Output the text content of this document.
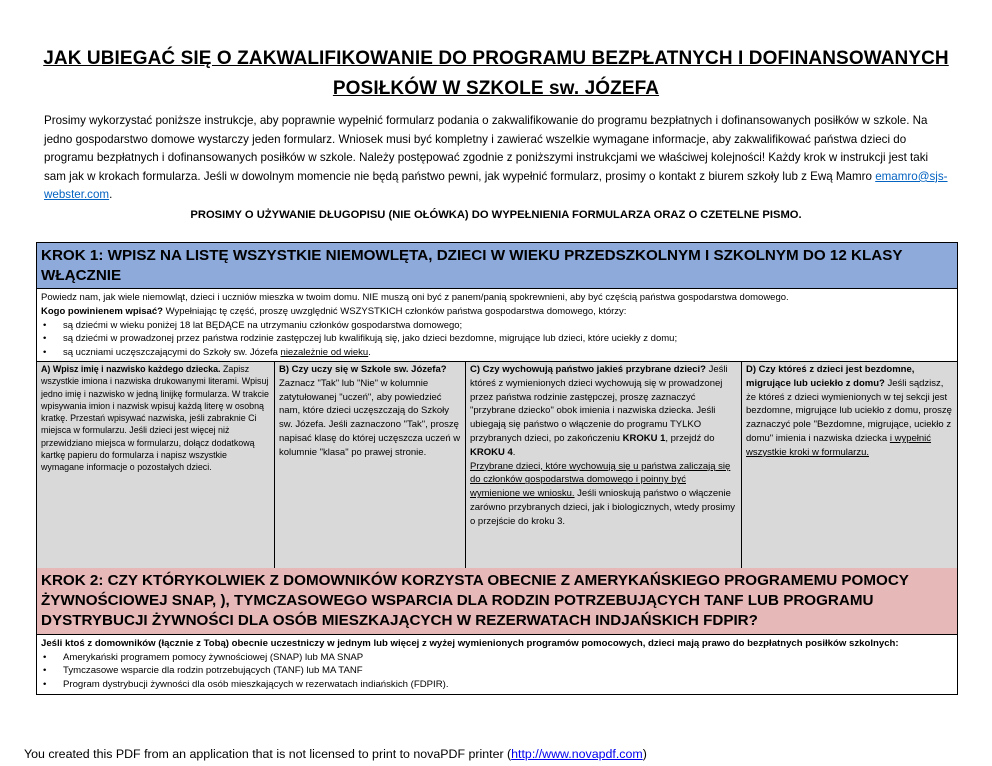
JAK UBIEGAĆ SIĘ O ZAKWALIFIKOWANIE DO PROGRAMU BEZPŁATNYCH I DOFINANSOWANYCH POSIŁKÓW W SZKOLE sw. JÓZEFA
Prosimy wykorzystać poniższe instrukcje, aby poprawnie wypełnić formularz podania o zakwalifikowanie do programu bezpłatnych i dofinansowanych posiłków w szkole. Na jedno gospodarstwo domowe wystarczy jeden formularz. Wniosek musi być kompletny i zawierać wszelkie wymagane informacje, aby zakwalifikować państwa dzieci do programu bezpłatnych i dofinansowanych posiłków w szkole. Należy postępować zgodnie z poniższymi instrukcjami we właściwej kolejności! Każdy krok w instrukcji jest taki sam jak w krokach formularza. Jeśli w dowolnym momencie nie będą państwo pewni, jak wypełnić formularz, prosimy o kontakt z biurem szkoły lub z Ewą Mamro emamro@sjs-webster.com.
PROSIMY O UŻYWANIE DŁUGOPISU (NIE OŁÓWKA) DO WYPEŁNIENIA FORMULARZA ORAZ O CZETELNE PISMO.
KROK 1: WPISZ NA LISTĘ WSZYSTKIE NIEMOWLĘTA, DZIECI W WIEKU PRZEDSZKOLNYM I SZKOLNYM DO 12 KLASY WŁĄCZNIE
Powiedz nam, jak wiele niemowląt, dzieci i uczniów mieszka w twoim domu. NIE muszą oni być z panem/panią spokrewnieni, aby być częścią państwa gospodarstwa domowego.
Kogo powinienem wpisać? Wypełniając tę część, proszę uwzględnić WSZYSTKICH członków państwa gospodarstwa domowego, którzy:
• są dziećmi w wieku poniżej 18 lat BĘDĄCE na utrzymaniu członków gospodarstwa domowego;
• są dziećmi w prowadzonej przez państwa rodzinie zastępczej lub kwalifikują się, jako dzieci bezdomne, migrujące lub dzieci, które uciekły z domu;
• są uczniami uczęszczającymi do Szkoły sw. Józefa niezależnie od wieku.
A) Wpisz imię i nazwisko każdego dziecka. Zapisz wszystkie imiona i nazwiska drukowanymi literami. Wpisuj jedno imię i nazwisko w jedną linijkę formularza. W trakcie wpisywania imion i nazwisk wpisuj każdą literę w osobną kratkę. Przestań wpisywać nazwiska, jeśli zabraknie Ci miejsca w formularzu. Jeśli dzieci jest więcej niż przewidziano miejsca w formularzu, dołącz dodatkową kartkę papieru do formularza i napisz wszystkie wymagane informacje o pozostałych dzieci.
B) Czy uczy się w Szkole sw. Józefa? Zaznacz "Tak" lub "Nie" w kolumnie zatytułowanej "uczeń", aby powiedzieć nam, które dzieci uczęszczają do Szkoły sw. Józefa. Jeśli zaznaczono "Tak", proszę napisać klasę do której uczęszcza uczeń w kolumnie "klasa" po prawej stronie.
C) Czy wychowują państwo jakieś przybrane dzieci? Jeśli któreś z wymienionych dzieci wychowują się w prowadzonej przez państwa rodzinie zastępczej, proszę zaznaczyć "przybrane dziecko" obok imienia i nazwiska dziecka. Jeśli ubiegają się państwo o włączenie do programu TYLKO przybranych dzieci, po zakończeniu KROKU 1, przejdź do KROKU 4.
Przybrane dzieci, które wychowują się u państwa zaliczają się do członków gospodarstwa domowego i poinny być wymienione we wniosku. Jeśli wnioskują państwo o włączenie zarówno przybranych dzieci, jak i biologicznych, wtedy prosimy o przejście do kroku 3.
D) Czy któreś z dzieci jest bezdomne, migrujące lub uciekło z domu? Jeśli sądzisz, że któreś z dzieci wymienionych w tej sekcji jest bezdomne, migrujące lub uciekło z domu, proszę zaznaczyć pole "Bezdomne, migrujące, uciekło z domu" imienia i nazwiska dziecka i wypełnić wszystkie kroki w formularzu.
KROK 2: CZY KTÓRYKOLWIEK Z DOMOWNIKÓW KORZYSTA OBECNIE Z AMERYKAŃSKIEGO PROGRAMEMU POMOCY ŻYWNOŚCIOWEJ SNAP, ), TYMCZASOWEGO WSPARCIA DLA RODZIN POTRZEBUJĄCYCH TANF LUB PROGRAMU DYSTRYBUCJI ŻYWNOŚCI DLA OSÓB MIESZKAJĄCYCH W REZERWATACH INDJAŃSKICH FDPIR?
Jeśli ktoś z domowników (łącznie z Tobą) obecnie uczestniczy w jednym lub więcej z wyżej wymienionych programów pomocowych, dzieci mają prawo do bezpłatnych posiłków szkolnych:
• Amerykański programem pomocy żywnościowej (SNAP) lub MA SNAP
• Tymczasowe wsparcie dla rodzin potrzebujących (TANF) lub MA TANF
• Program dystrybucji żywności dla osób mieszkających w rezerwatach indiańskich (FDPIR).
You created this PDF from an application that is not licensed to print to novaPDF printer (http://www.novapdf.com)
